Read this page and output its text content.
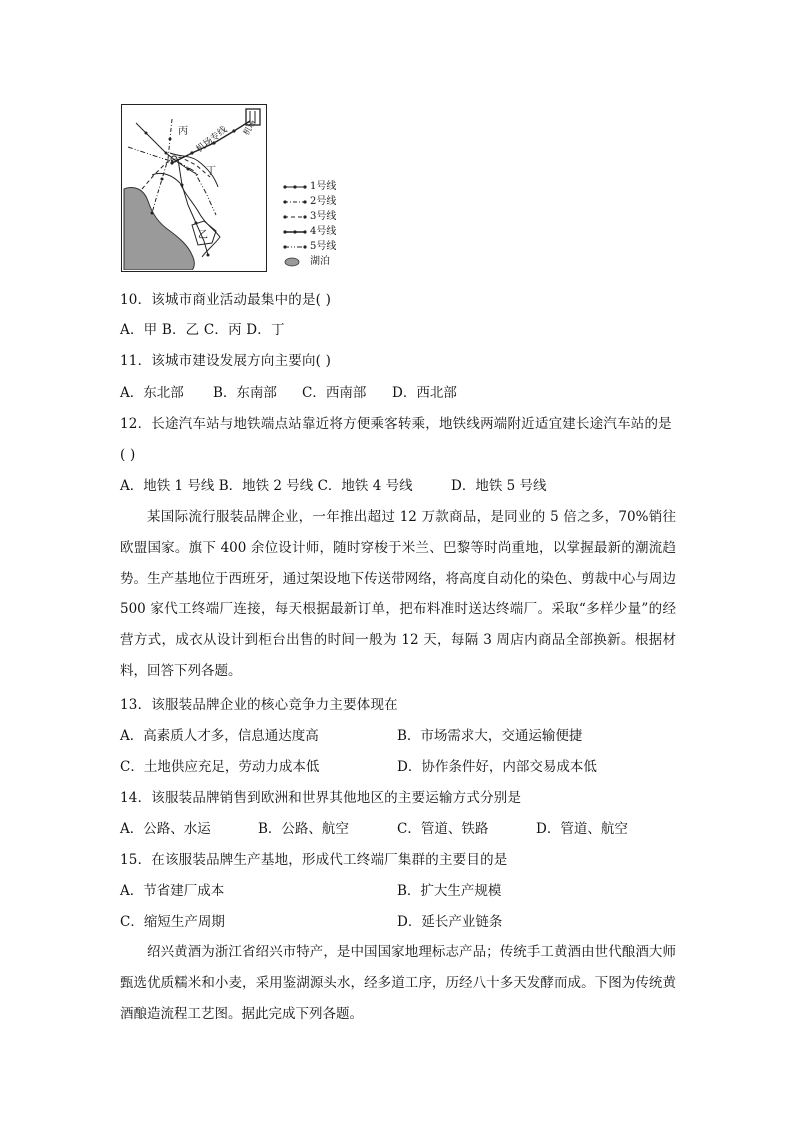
丙
丁
乙
机场专线 机场
1号线
2号线
3号线
4号线
5号线
湖泊
10．该城市商业活动最集中的是( )
A．甲 B．乙 C．丙 D．丁
11．该城市建设发展方向主要向( )
A．东北部 B．东南部 C．西南部 D．西北部
12．长途汽车站与地铁端点站靠近将方便乘客转乘，地铁线两端附近适宜建长途汽车站的是
( )
A．地铁 1 号线 B．地铁 2 号线 C．地铁 4 号线	D．地铁 5 号线
某国际流行服装品牌企业，一年推出超过 12 万款商品，是同业的 5 倍之多，70%销往欧盟国家。旗下 400 余位设计师，随时穿梭于米兰、巴黎等时尚重地，以掌握最新的潮流趋势。生产基地位于西班牙，通过架设地下传送带网络，将高度自动化的染色、剪裁中心与周边 500 家代工终端厂连接，每天根据最新订单，把布料准时送达终端厂。采取“多样少量”的经营方式，成衣从设计到柜台出售的时间一般为 12 天，每隔 3 周店内商品全部换新。根据材料，回答下列各题。
13．该服装品牌企业的核心竞争力主要体现在
A．高素质人才多，信息通达度高	B．市场需求大，交通运输便捷
C．土地供应充足，劳动力成本低	D．协作条件好，内部交易成本低
14．该服装品牌销售到欧洲和世界其他地区的主要运输方式分别是
A．公路、水运	B．公路、航空	C．管道、铁路	D．管道、航空
15．在该服装品牌生产基地，形成代工终端厂集群的主要目的是
A．节省建厂成本	B．扩大生产规模
C．缩短生产周期	D．延长产业链条
绍兴黄酒为浙江省绍兴市特产，是中国国家地理标志产品；传统手工黄酒由世代酿酒大师甄选优质糯米和小麦，采用鉴湖源头水，经多道工序，历经八十多天发酵而成。下图为传统黄酒酿造流程工艺图。据此完成下列各题。
